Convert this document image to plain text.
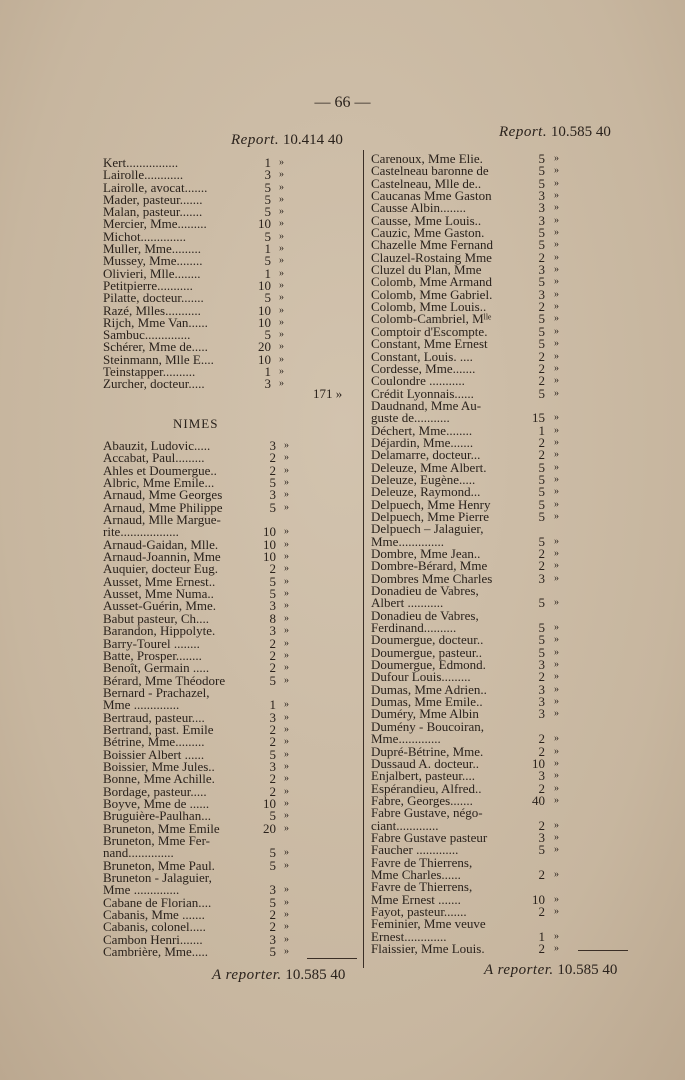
— 66 —
Report. 10.414 40	Report. 10.585 40
Kert................	1 »
Lairolle............	3 »
Lairolle, avocat.......	5 »
Mader, pasteur.......	5 »
Malan, pasteur.......	5 »
Mercier, Mme.........	10 »
Michot..............	5 »
Muller, Mme.........	1 »
Mussey, Mme........	5 »
Olivieri, Mlle........	1 »
Petitpierre...........	10 »
Pilatte, docteur.......	5 »
Razé, Mlles...........	10 »
Rijch, Mme Van......	10 »
Sambuc..............	5 »
Schérer, Mme de.....	20 »
Steinmann, Mlle E....	10 »
Teinstapper..........	1 »
Zurcher, docteur.....	3 »
171 »
NIMES
Abauzit, Ludovic.....	3 »
Accabat, Paul.........	2 »
Ahles et Doumergue..	2 »
Albric, Mme Emile...	5 »
Arnaud, Mme Georges	3 »
Arnaud, Mme Philippe	5 »
Arnaud, Mlle Margue-
rite..................	10 »
Arnaud-Gaidan, Mlle.	10 »
Arnaud-Joannin, Mme	10 »
Auquier, docteur Eug.	2 »
Ausset, Mme Ernest..	5 »
Ausset, Mme Numa..	5 »
Ausset-Guérin, Mme.	3 »
Babut pasteur, Ch....	8 »
Barandon, Hippolyte.	3 »
Barry-Tourel ........	2 »
Batte, Prosper........	2 »
Benoît, Germain .....	2 »
Bérard, Mme Théodore	5 »
Bernard - Prachazel,
Mme ..............	1 »
Bertraud, pasteur....	3 »
Bertrand, past. Emile	2 »
Bétrine, Mme.........	2 »
Boissier Albert ......	5 »
Boissier, Mme Jules..	3 »
Bonne, Mme Achille.	2 »
Bordage, pasteur.....	2 »
Boyve, Mme de ......	10 »
Bruguière-Paulhan...	5 »
Bruneton, Mme Emile	20 »
Bruneton, Mme Fer-
nand..............	5 »
Bruneton, Mme Paul.	5 »
Bruneton - Jalaguier,
Mme ..............	3 »
Cabane de Florian....	5 »
Cabanis, Mme .......	2 »
Cabanis, colonel.....	2 »
Cambon Henri.......	3 »
Cambrière, Mme.....	5 »
A reporter. 10.585 40
Carenoux, Mme Elie.	5 »
Castelneau baronne de	5 »
Castelneau, Mlle de..	5 »
Caucanas Mme Gaston	3 »
Causse Albin........	3 »
Causse, Mme Louis..	3 »
Cauzic, Mme Gaston.	5 »
Chazelle Mme Fernand	5 »
Clauzel-Rostaing Mme	2 »
Cluzel du Plan, Mme	3 »
Colomb, Mme Armand	5 »
Colomb, Mme Gabriel.	3 »
Colomb, Mme Louis..	2 »
Colomb-Cambriel, Mˡˡᵉ	5 »
Comptoir d'Escompte.	5 »
Constant, Mme Ernest	5 »
Constant, Louis. ....	2 »
Cordesse, Mme.......	2 »
Coulondre ...........	2 »
Crédit Lyonnais......	5 »
Daudnand, Mme Au-
guste de...........	15 »
Déchert, Mme........	1 »
Déjardin, Mme.......	2 »
Delamarre, docteur...	2 »
Deleuze, Mme Albert.	5 »
Deleuze, Eugène.....	5 »
Deleuze, Raymond...	5 »
Delpuech, Mme Henry	5 »
Delpuech, Mme Pierre	5 »
Delpuech – Jalaguier,
Mme..............	5 »
Dombre, Mme Jean..	2 »
Dombre-Bérard, Mme	2 »
Dombres Mme Charles	3 »
Donadieu de Vabres,
Albert ...........	5 »
Donadieu de Vabres,
Ferdinand..........	5 »
Doumergue, docteur..	5 »
Doumergue, pasteur..	5 »
Doumergue, Edmond.	3 »
Dufour Louis.........	2 »
Dumas, Mme Adrien..	3 »
Dumas, Mme Emile..	3 »
Duméry, Mme Albin	3 »
Dumény - Boucoiran,
Mme.............	2 »
Dupré-Bétrine, Mme.	2 »
Dussaud A. docteur..	10 »
Enjalbert, pasteur....	3 »
Espérandieu, Alfred..	2 »
Fabre, Georges.......	40 »
Fabre Gustave, négo-
ciant.............	2 »
Fabre Gustave pasteur	3 »
Faucher .............	5 »
Favre de Thierrens,
Mme Charles......	2 »
Favre de Thierrens,
Mme Ernest .......	10 »
Fayot, pasteur.......	2 »
Feminier, Mme veuve
Ernest.............	1 »
Flaissier, Mme Louis.	2 »
A reporter. 10.585 40
